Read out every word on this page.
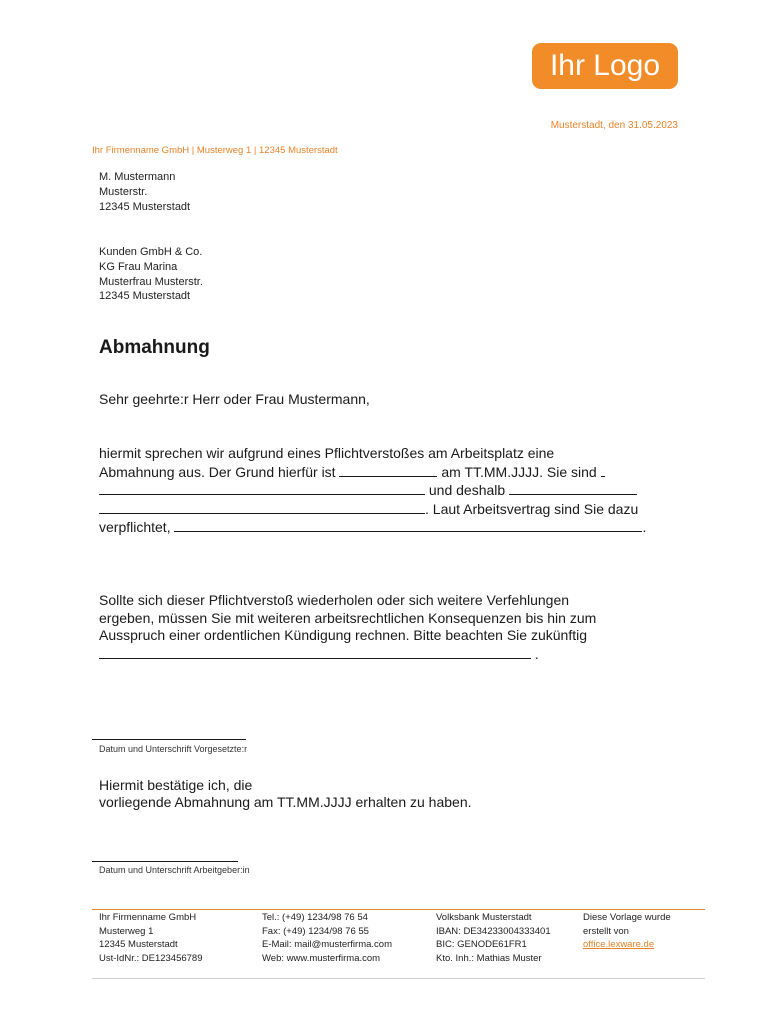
Ihr Logo
Musterstadt, den 31.05.2023
Ihr Firmenname GmbH | Musterweg 1 | 12345 Musterstadt
M. Mustermann
Musterstr.
12345 Musterstadt
Kunden GmbH & Co.
KG Frau Marina
Musterfrau Musterstr.
12345 Musterstadt
Abmahnung
Sehr geehrte:r Herr oder Frau Mustermann,
hiermit sprechen wir aufgrund eines Pflichtverstoßes am Arbeitsplatz eine
Abmahnung aus. Der Grund hierfür ist	am TT.MM.JJJJ. Sie sind
und deshalb
. Laut Arbeitsvertrag sind Sie dazu
verpflichtet,	.
Sollte sich dieser Pflichtverstoß wiederholen oder sich weitere Verfehlungen
ergeben, müssen Sie mit weiteren arbeitsrechtlichen Konsequenzen bis hin zum
Ausspruch einer ordentlichen Kündigung rechnen. Bitte beachten Sie zukünftig
.
Datum und Unterschrift Vorgesetzte:r
Hiermit bestätige ich, die
vorliegende Abmahnung am TT.MM.JJJJ erhalten zu haben.
Datum und Unterschrift Arbeitgeber:in
Ihr Firmenname GmbH
Musterweg 1
12345 Musterstadt
Ust-IdNr.: DE123456789
Tel.: (+49) 1234/98 76 54
Fax: (+49) 1234/98 76 55
E-Mail: mail@musterfirma.com
Web: www.musterfirma.com
Volksbank Musterstadt
IBAN: DE34233004333401
BIC: GENODE61FR1
Kto. Inh.: Mathias Muster
Diese Vorlage wurde
erstellt von
office.lexware.de
